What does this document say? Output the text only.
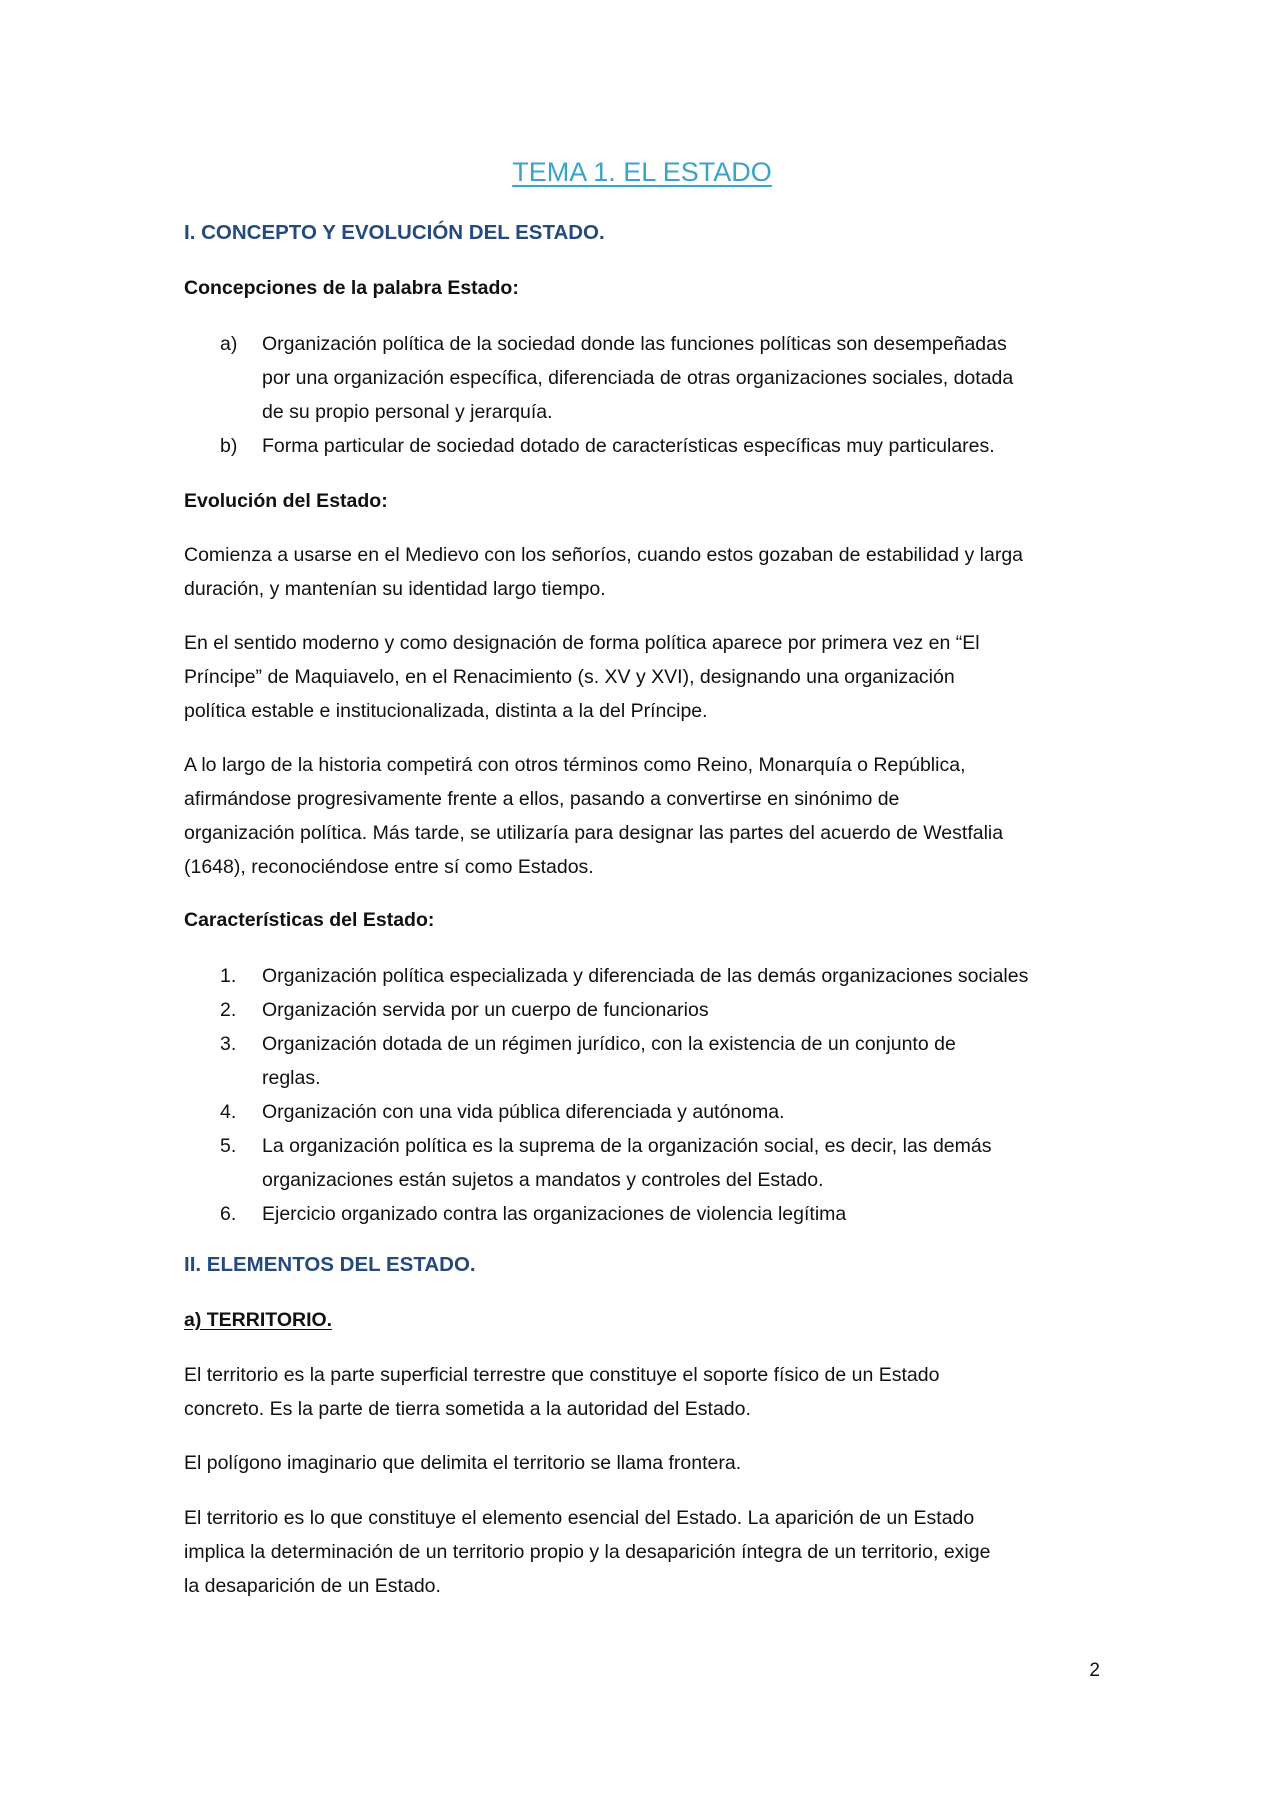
TEMA 1. EL ESTADO
I. CONCEPTO Y EVOLUCIÓN DEL ESTADO.
Concepciones de la palabra Estado:
a) Organización política de la sociedad donde las funciones políticas son desempeñadas
por una organización específica, diferenciada de otras organizaciones sociales, dotada
de su propio personal y jerarquía.
b) Forma particular de sociedad dotado de características específicas muy particulares.
Evolución del Estado:

Comienza a usarse en el Medievo con los señoríos, cuando estos gozaban de estabilidad y larga
duración, y mantenían su identidad largo tiempo.

En el sentido moderno y como designación de forma política aparece por primera vez en “El
Príncipe” de Maquiavelo, en el Renacimiento (s. XV y XVI), designando una organización
política estable e institucionalizada, distinta a la del Príncipe.

A lo largo de la historia competirá con otros términos como Reino, Monarquía o República,
afirmándose progresivamente frente a ellos, pasando a convertirse en sinónimo de
organización política. Más tarde, se utilizaría para designar las partes del acuerdo de Westfalia
(1648), reconociéndose entre sí como Estados.

Características del Estado:
1. Organización política especializada y diferenciada de las demás organizaciones sociales
2. Organización servida por un cuerpo de funcionarios
3. Organización dotada de un régimen jurídico, con la existencia de un conjunto de
reglas.
4. Organización con una vida pública diferenciada y autónoma.
5. La organización política es la suprema de la organización social, es decir, las demás
organizaciones están sujetos a mandatos y controles del Estado.
6. Ejercicio organizado contra las organizaciones de violencia legítima
II. ELEMENTOS DEL ESTADO.
a) TERRITORIO.

El territorio es la parte superficial terrestre que constituye el soporte físico de un Estado
concreto. Es la parte de tierra sometida a la autoridad del Estado.

El polígono imaginario que delimita el territorio se llama frontera.

El territorio es lo que constituye el elemento esencial del Estado. La aparición de un Estado
implica la determinación de un territorio propio y la desaparición íntegra de un territorio, exige
la desaparición de un Estado.

2
